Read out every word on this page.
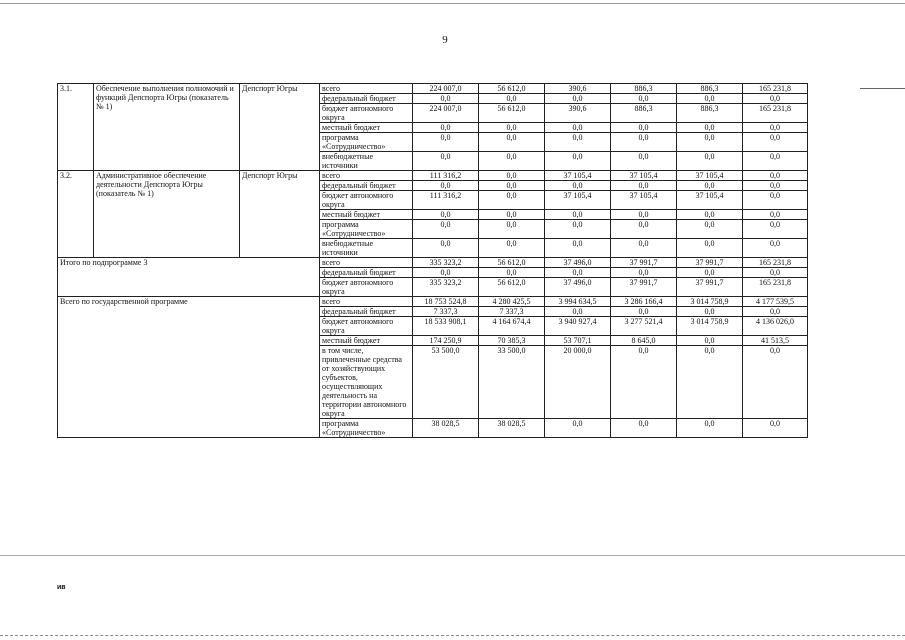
9
3.1.	Обеспечение выполнения полномочий и функций Депспорта Югры (показатель № 1)	Депспорт Югры	всего	224 007,0	56 612,0	390,6	886,3	886,3	165 231,8
			федеральный бюджет	0,0	0,0	0,0	0,0	0,0	0,0
			бюджет автономного округа	224 007,0	56 612,0	390,6	886,3	886,3	165 231,8
			местный бюджет	0,0	0,0	0,0	0,0	0,0	0,0
			программа «Сотрудничество»	0,0	0,0	0,0	0,0	0,0	0,0
			внебюджетные источники	0,0	0,0	0,0	0,0	0,0	0,0
3.2.	Административное обеспечение деятельности Депспорта Югры (показатель № 1)	Депспорт Югры	всего	111 316,2	0,0	37 105,4	37 105,4	37 105,4	0,0
			федеральный бюджет	0,0	0,0	0,0	0,0	0,0	0,0
			бюджет автономного округа	111 316,2	0,0	37 105,4	37 105,4	37 105,4	0,0
			местный бюджет	0,0	0,0	0,0	0,0	0,0	0,0
			программа «Сотрудничество»	0,0	0,0	0,0	0,0	0,0	0,0
			внебюджетные источники	0,0	0,0	0,0	0,0	0,0	0,0
Итого по подпрограмме 3			всего	335 323,2	56 612,0	37 496,0	37 991,7	37 991,7	165 231,8
			федеральный бюджет	0,0	0,0	0,0	0,0	0,0	0,0
			бюджет автономного округа	335 323,2	56 612,0	37 496,0	37 991,7	37 991,7	165 231,8
Всего по государственной программе			всего	18 753 524,8	4 280 425,5	3 994 634,5	3 286 166,4	3 014 758,9	4 177 539,5
			федеральный бюджет	7 337,3	7 337,3	0,0	0,0	0,0	0,0
			бюджет автономного округа	18 533 908,1	4 164 674,4	3 940 927,4	3 277 521,4	3 014 758,9	4 136 026,0
			местный бюджет	174 250,9	70 385,3	53 707,1	8 645,0	0,0	41 513,5
			в том числе, привлеченные средства от хозяйствующих субъектов, осуществляющих деятельность на территории автономного округа	53 500,0	33 500,0	20 000,0	0,0	0,0	0,0
			программа «Сотрудничество»	38 028,5	38 028,5	0,0	0,0	0,0	0,0
ив
